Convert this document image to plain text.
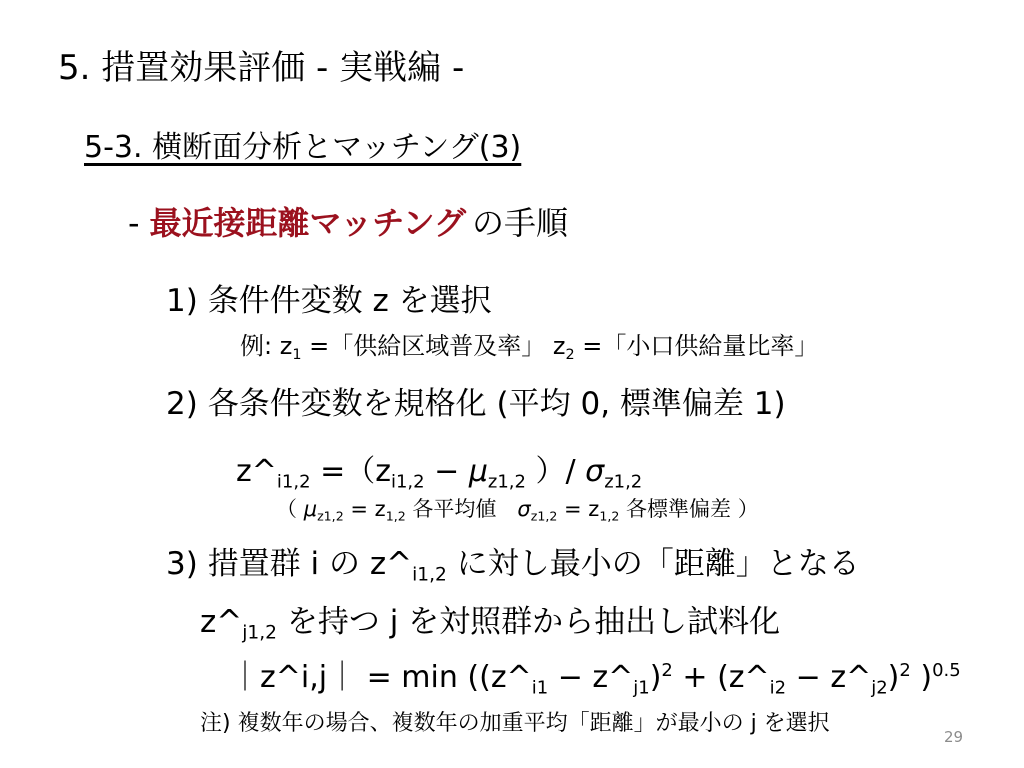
5. 措置効果評価 - 実戦編 -
5-3. 横断面分析とマッチング(3)
- 最近接距離マッチング の手順
1) 条件件変数 z を選択
例: $z_1$ =「供給区域普及率」 $z_2$ =「小口供給量比率」
2) 各条件変数を規格化 (平均 0, 標準偏差 1)
$z\^{}_{i1,2} =(z_{i1,2} - \mu_{z1,2}$ ）/ $\sigma_{z1,2}$
（ $\mu_{z1,2} = z_{1,2}$ 各平均値　$\sigma_{z1,2} = z_{1,2}$ 各標準偏差 ）
3) 措置群 i の $z\^{}_{i1,2}$ に対し最小の「距離」となる
$z\^{}_{j1,2}$ を持つ j を対照群から抽出し試料化
｜z^i,j｜ = $\min ((z\^{}_{i1}$ − $z\^{}_{j1})^2$ + ($z\^{}_{i2}$ − $z\^{}_{j2})^2$ )$^{0.5}$
注) 複数年の場合、複数年の加重平均「距離」が最小の j を選択
29
